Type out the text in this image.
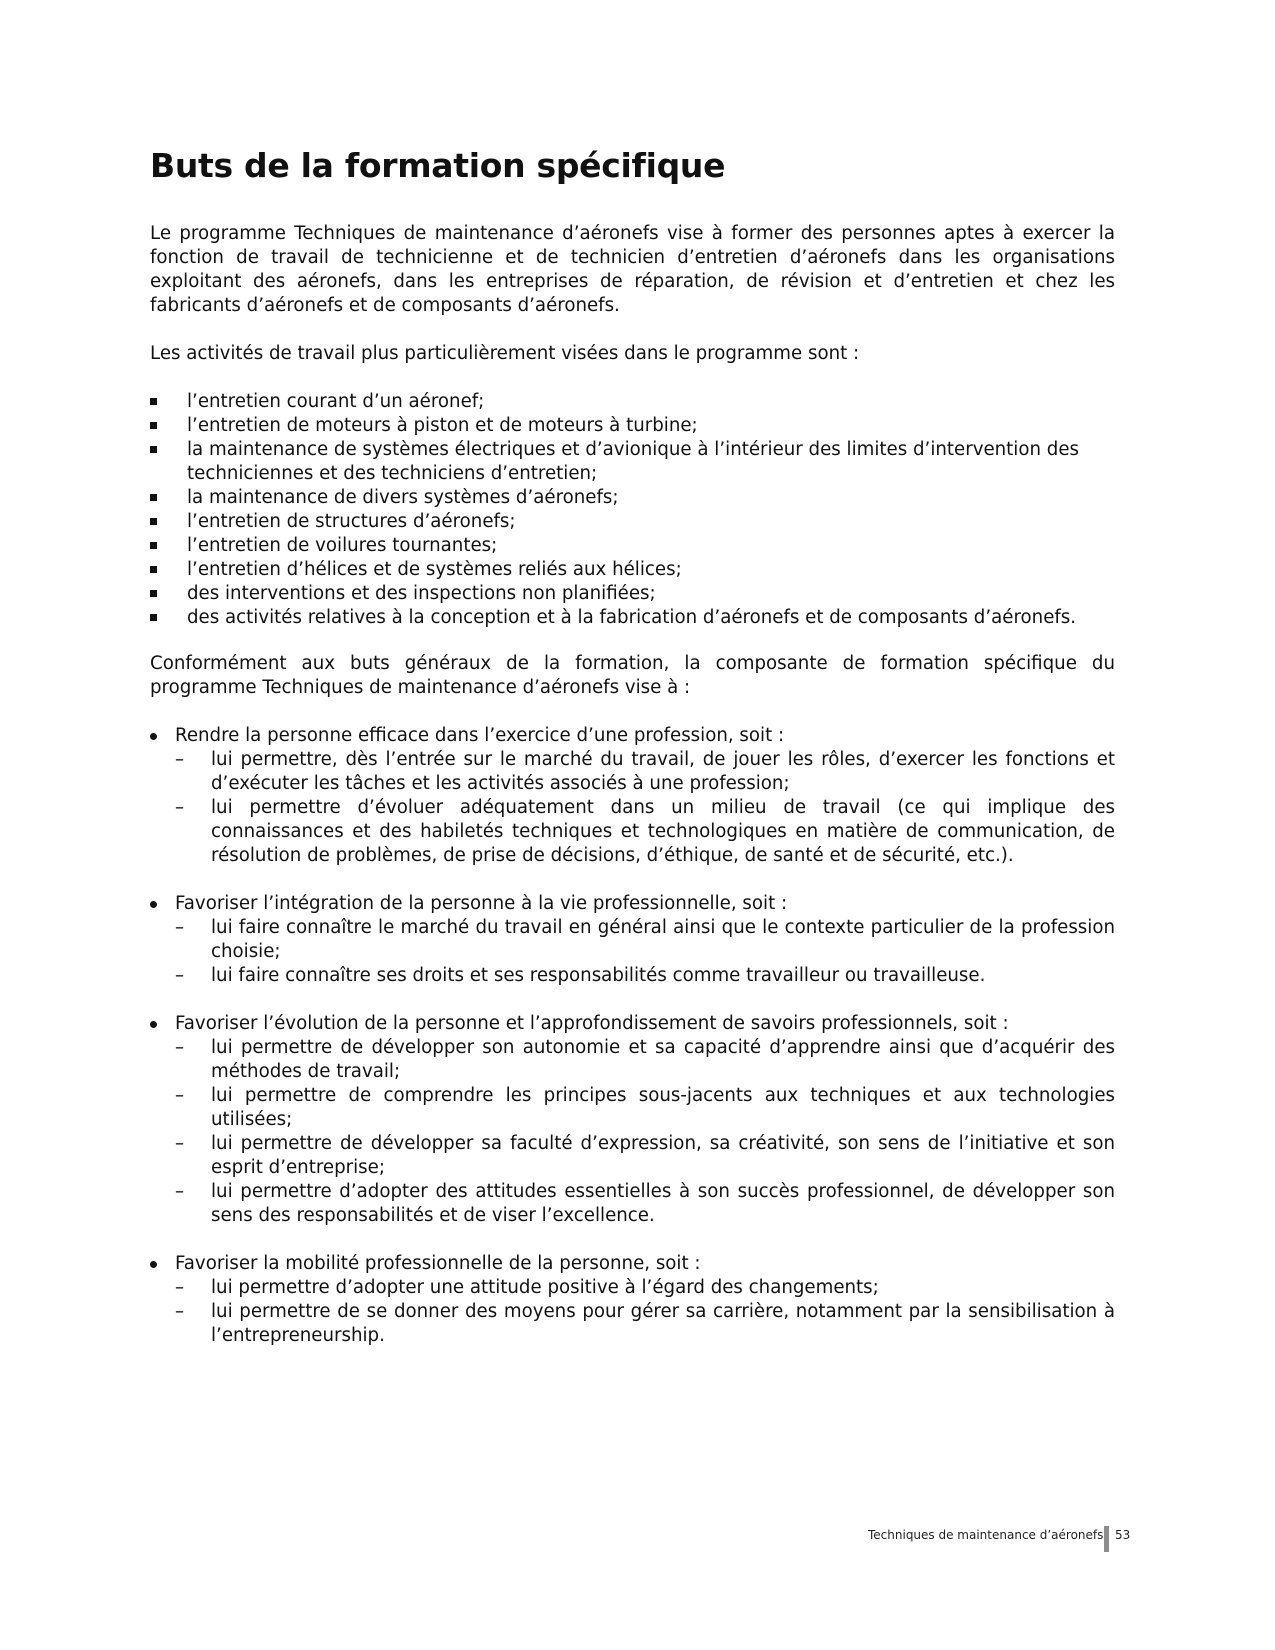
Buts de la formation spécifique

Le programme Techniques de maintenance d’aéronefs vise à former des personnes aptes à exercer la fonction de travail de technicienne et de technicien d’entretien d’aéronefs dans les organisations exploitant des aéronefs, dans les entreprises de réparation, de révision et d’entretien et chez les fabricants d’aéronefs et de composants d’aéronefs.

Les activités de travail plus particulièrement visées dans le programme sont :

l’entretien courant d’un aéronef;
l’entretien de moteurs à piston et de moteurs à turbine;
la maintenance de systèmes électriques et d’avionique à l’intérieur des limites d’intervention des techniciennes et des techniciens d’entretien;
la maintenance de divers systèmes d’aéronefs;
l’entretien de structures d’aéronefs;
l’entretien de voilures tournantes;
l’entretien d’hélices et de systèmes reliés aux hélices;
des interventions et des inspections non planifiées;
des activités relatives à la conception et à la fabrication d’aéronefs et de composants d’aéronefs.

Conformément aux buts généraux de la formation, la composante de formation spécifique du programme Techniques de maintenance d’aéronefs vise à :

Rendre la personne efficace dans l’exercice d’une profession, soit :
– lui permettre, dès l’entrée sur le marché du travail, de jouer les rôles, d’exercer les fonctions et d’exécuter les tâches et les activités associés à une profession;
– lui permettre d’évoluer adéquatement dans un milieu de travail (ce qui implique des connaissances et des habiletés techniques et technologiques en matière de communication, de résolution de problèmes, de prise de décisions, d’éthique, de santé et de sécurité, etc.).
Favoriser l’intégration de la personne à la vie professionnelle, soit :
– lui faire connaître le marché du travail en général ainsi que le contexte particulier de la profession choisie;
– lui faire connaître ses droits et ses responsabilités comme travailleur ou travailleuse.
Favoriser l’évolution de la personne et l’approfondissement de savoirs professionnels, soit :
– lui permettre de développer son autonomie et sa capacité d’apprendre ainsi que d’acquérir des méthodes de travail;
– lui permettre de comprendre les principes sous-jacents aux techniques et aux technologies utilisées;
– lui permettre de développer sa faculté d’expression, sa créativité, son sens de l’initiative et son esprit d’entreprise;
– lui permettre d’adopter des attitudes essentielles à son succès professionnel, de développer son sens des responsabilités et de viser l’excellence.
Favoriser la mobilité professionnelle de la personne, soit :
– lui permettre d’adopter une attitude positive à l’égard des changements;
– lui permettre de se donner des moyens pour gérer sa carrière, notamment par la sensibilisation à l’entrepreneurship.
Techniques de maintenance d’aéronefs 53
